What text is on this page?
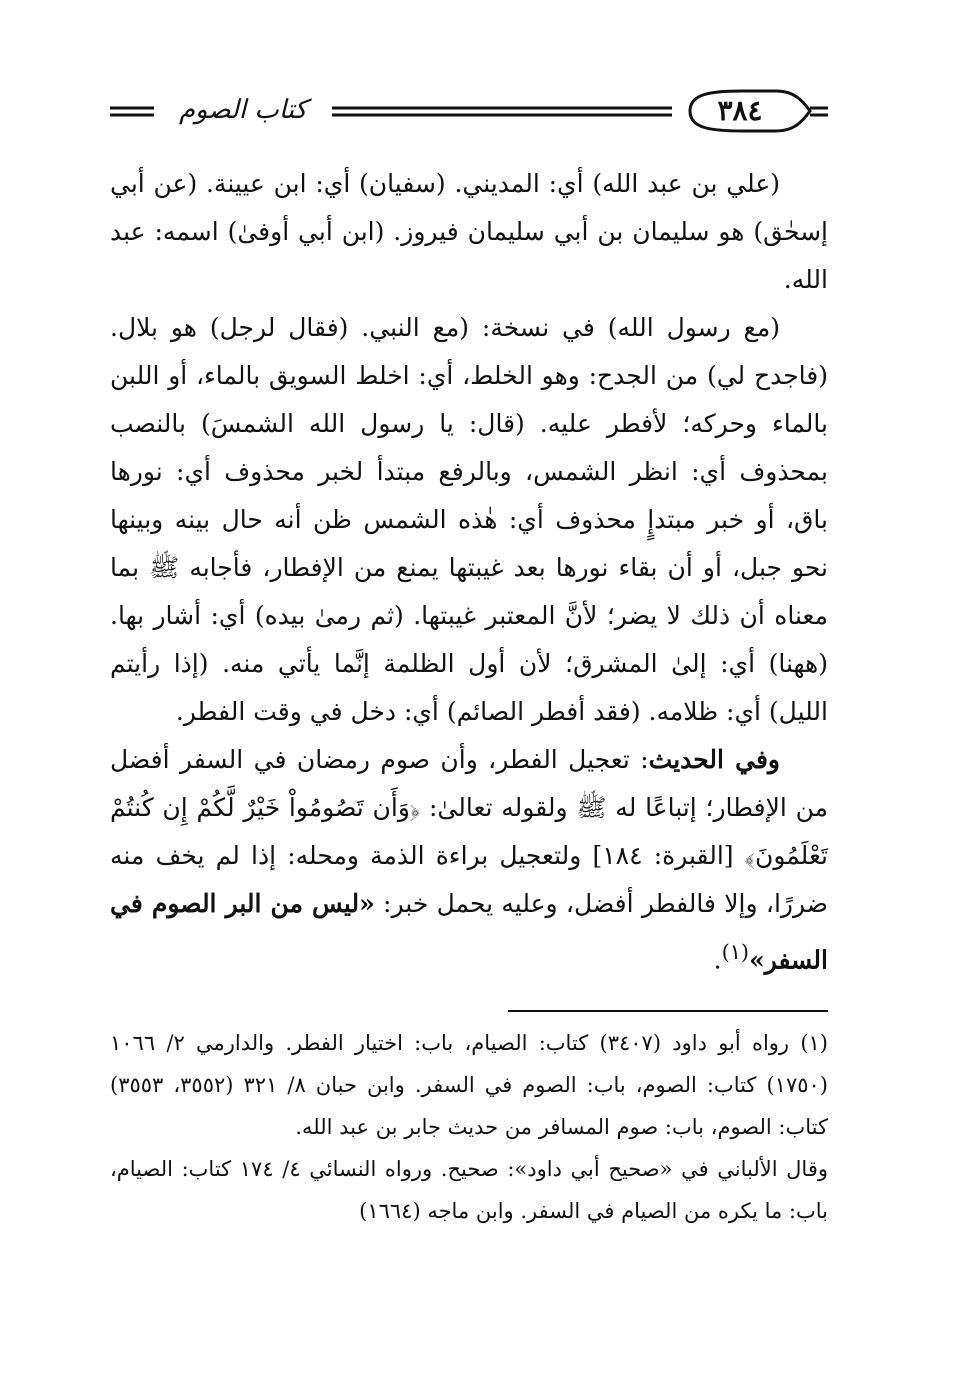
٣٨٤
كتاب الصوم

(علي بن عبد الله) أي: المديني. (سفيان) أي: ابن عيينة. (عن أبي إسحٰق) هو سليمان بن أبي سليمان فيروز. (ابن أبي أوفىٰ) اسمه: عبد الله.

(مع رسول الله) في نسخة: (مع النبي. (فقال لرجل) هو بلال. (فاجدح لي) من الجدح: وهو الخلط، أي: اخلط السويق بالماء، أو اللبن بالماء وحركه؛ لأفطر عليه. (قال: يا رسول الله الشمسَ) بالنصب بمحذوف أي: انظر الشمس، وبالرفع مبتدأ لخبر محذوف أي: نورها باق، أو خبر مبتدإٍ محذوف أي: هٰذه الشمس ظن أنه حال بينه وبينها نحو جبل، أو أن بقاء نورها بعد غيبتها يمنع من الإفطار، فأجابه ﷺ بما معناه أن ذلك لا يضر؛ لأنَّ المعتبر غيبتها. (ثم رمىٰ بيده) أي: أشار بها. (ههنا) أي: إلىٰ المشرق؛ لأن أول الظلمة إنَّما يأتي منه. (إذا رأيتم الليل) أي: ظلامه. (فقد أفطر الصائم) أي: دخل في وقت الفطر.

وفي الحديث: تعجيل الفطر، وأن صوم رمضان في السفر أفضل من الإفطار؛ إتباعًا له ﷺ ولقوله تعالىٰ: ﴿وَأَن تَصُومُواْ خَيْرٌ لَّكُمْ إِن كُنتُمْ تَعْلَمُونَ﴾ [القبرة: ١٨٤] ولتعجيل براءة الذمة ومحله: إذا لم يخف منه ضررًا، وإلا فالفطر أفضل، وعليه يحمل خبر: «ليس من البر الصوم في السفر»$^{(١)}$.

(١) رواه أبو داود (٣٤٠٧) كتاب: الصيام، باب: اختيار الفطر. والدارمي ٢/ ١٠٦٦ (١٧٥٠) كتاب: الصوم، باب: الصوم في السفر. وابن حبان ٨/ ٣٢١ (٣٥٥٢، ٣٥٥٣) كتاب: الصوم، باب: صوم المسافر من حديث جابر بن عبد الله.

وقال الألباني في «صحيح أبي داود»: صحيح. ورواه النسائي ٤/ ١٧٤ كتاب: الصيام، باب: ما يكره من الصيام في السفر. وابن ماجه (١٦٦٤)
